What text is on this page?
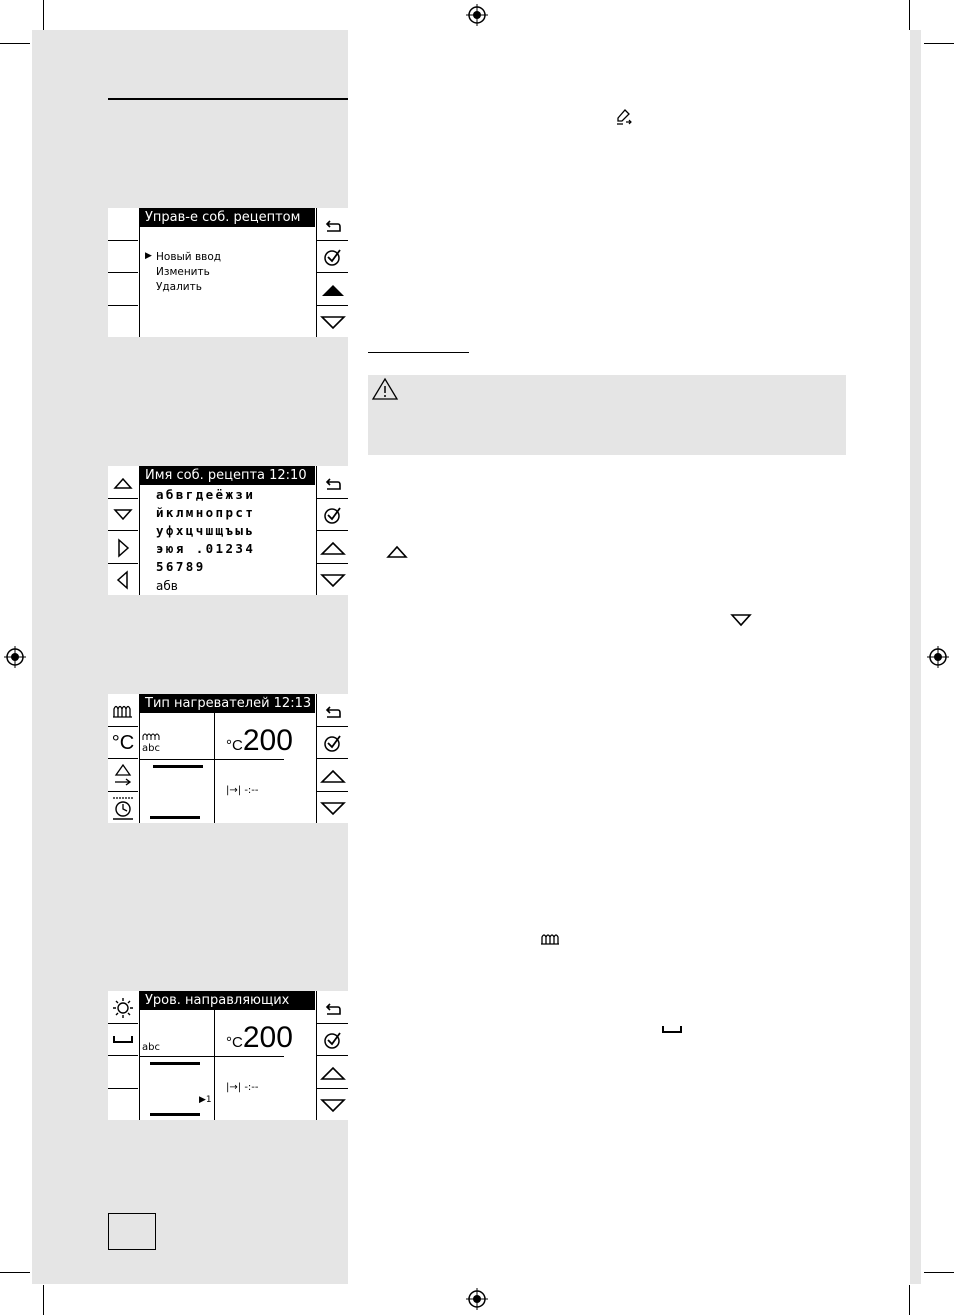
Управ-е соб. рецептом
▶ Новый ввод
Изменить
Удалить
Имя соб. рецепта 12:10
абвгдеёжзи
йклмнопрст
уфхцчшщъыь
эюя .01234
56789
абв
°C
Тип нагревателей 12:13
abc	°C200
|→| -:--
Уров. направляющих
abc
▶1
°C200
|→| -:--
